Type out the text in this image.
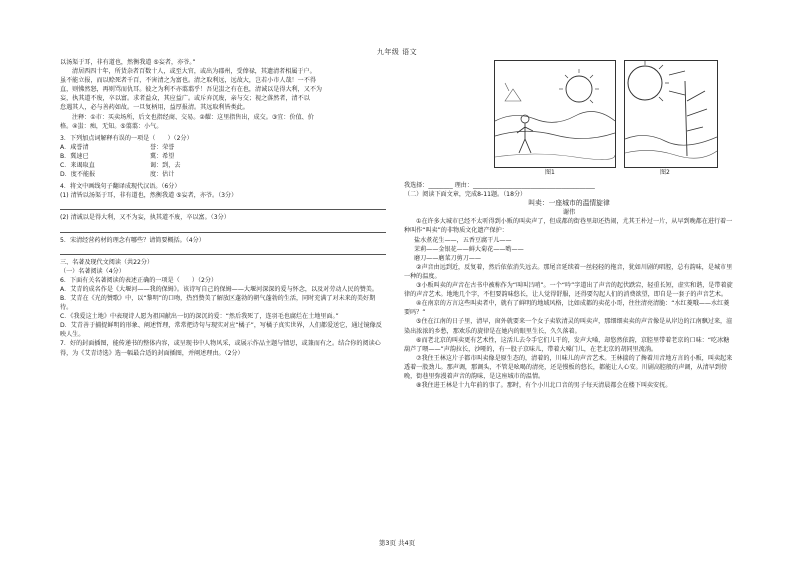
九年级 语文

以汤渠于耳，非有道也，然衡我道 ⑤妄者，亦爷。”

清居西四十年，所货杂者百数十人，或至大官，或出为郡州，受俸禄，其遗清者相属于户。

虽不能立报，而以赊死者千百，不害清之为富也。清之取利远，远故大，岂若小市人哉！一不得

直，则怫然怒，再则骂而仇耳。彼之为利不亦翦翦乎！吾见蚩之有在也，清诚以是得大利，又不为

妄，执其道不废，卒以富。求者益众，其应益广。或斥弃沉废，亲与交；视之落然者，清不以

怠遇其人，必与善药如故。一旦复柄用，益厚报清。其远取利皆类此。

注释：①市：买卖场所，后文也指经商、交易。②耀：这里指售出，成交。③宜：价值、价

格。④蚩：痴，无知。⑤翦翦：小气。

3．下列加点词解释有误的一项是（　　）（2分）

A．咸誉清	誉：荣誉
B．冀速已	冀：希望
C．来谒取直	谒：到，去
D．度不能报	度：估计

4．将文中画线句子翻译成现代汉语。（6分）

(1) 清皆以汤渠于耳，非有道也，然衡我道 ⑤妄者，亦爷。（3分）

(2) 清诚以是得大利，又不为妄，执其道不废，卒以富。（3分）

5．宋清经营药材的理念有哪些？请简要概括。（4分）

三、名著及现代文阅读（共22分）

（一）名著阅读（4分）

6．下面有关名著阅读的表述正确的一项是（　　）（2分）

A．艾青的成名作是《大堰河——我的保姆》。该诗写自己的保姆——大堰河深深的爱与怀念，以及对劳动人民的赞美。

B．艾青在《光的赞歌》中，以“黎明”的口吻，热烈赞美了解放区蓬勃的朝气蓬勃的生活，同时充满了对未来的美好期待。

C．《我爱这土地》中表现诗人愿为祖国献出一切的深沉的爱：“然后我死了，连羽毛也腐烂在土地里面。”

D．艾青善于捕捉鲜明的形象、阐述哲理，常常把诗句与现实对应“橘子”，写橘子真实世界，人们都爱送它，通过镜像反映人生。

7．好的封面插图，能传递书的整体内容，或呈现书中人物风采，或展示作品主题与情思，或兼而有之。结合你的阅读心得，为《艾青诗选》选一幅最合适的封面插图，并阐述理由。（2分）

图1	图2

我选择：________ 理由：________________________________________

（二）阅读下面文章，完成8-11题。（18分）

叫卖：一座城市的温情旋律

谢伟

①在许多大城市已经不太听得到小贩的叫卖声了，但成都的街巷里却还热闹，尤其王朴过一片，从早到晚都在进行着一种叫作“叫卖”的非物质文化遗产保护：

盐水煮花生——，五香豆腐干儿——

茉莉——金银花——鲜大菊花——哟——

磨刀——磨菜刀剪刀——

②声音由远到近，反复着，然后依依消失远去。那尾音延续着一丝轻轻的拖音，犹如川剧的唱腔，总有韵味，是城市里一种的温度。

③小贩叫卖的声音在古书中被称作为“叫叫吕哨”。一个“吟”字道出了声音的起伏跌宕，轻重长短，虚实和谐，是带着旋律的声音艺术。地地几个字，不但要韵味悠长，让人觉得舒服，还得要勾起人们的消费欲望，即自是一套子的声音艺术。

④在南京的方言这些叫卖者中，就有了鲜明的地域风格，比如成都的卖花小哥，往往清亮清脆：“水红菱哦——水红菱要吗？”

⑤住在江南的日子里，清早，窗外就要来一个女子卖软清灵的叫卖声，那细细卖卖的声音像是从岸边的江南飘过来，渲染出浓浓的乡愁，那欢乐的旋律是在她内的眼里生长，久久落着。

⑥而老北京的叫卖更有艺术性，这活儿去今手它们儿干的，发声大嗓，却悠然依韵，京腔里带着老京的口味：“吃冰糖葫芦了喂——”声韵拉长，沙哑的，有一股子京味儿，带着大嗓门儿，在老北京的胡同里流淌。

⑦我住王林这片子都市叫卖像是原生态的，清着的，川味儿的声音艺术。王林揣的了搀着川音地方言的小贩，叫卖起来透着一股劲儿。那声调，那调头，不管是吆喝的清亮，还是慢板的悠长，都能让人心安。川剧高腔般的声调，从清早到傍晚，街巷里弥漫着声音的韵味，是这座城市的温情。

⑧我住进王林是十九年前的事了。那时，有个小川北口音的男子每天清晨都会在楼下叫卖安抚。

第3页 共4页
